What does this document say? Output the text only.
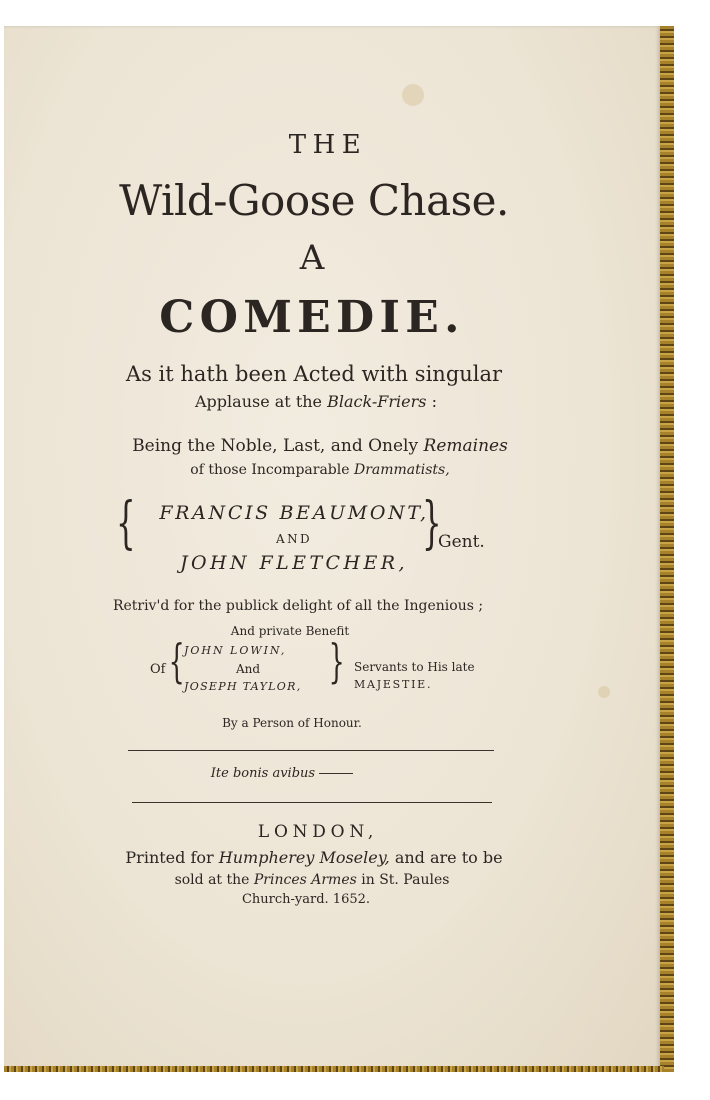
THE
Wild-Goose Chase.
A
COMEDIE.
As it hath been Acted with singular
Applause at the Black-Friers :
Being the Noble, Last, and Onely Remaines
of those Incomparable Drammatists,
{	FRANCIS BEAUMONT,
AND
JOHN FLETCHER,
}
Gent.
Retriv'd for the publick delight of all the Ingenious ;
And private Benefit
Of { JOHN LOWIN,
And
JOSEPH TAYLOR, } Servants to His late
MAJESTIE.
By a Person of Honour.
Ite bonis avibus
LONDON,
Printed for Humpherey Moseley, and are to be
sold at the Princes Armes in St. Paules
Church-yard. 1652.
